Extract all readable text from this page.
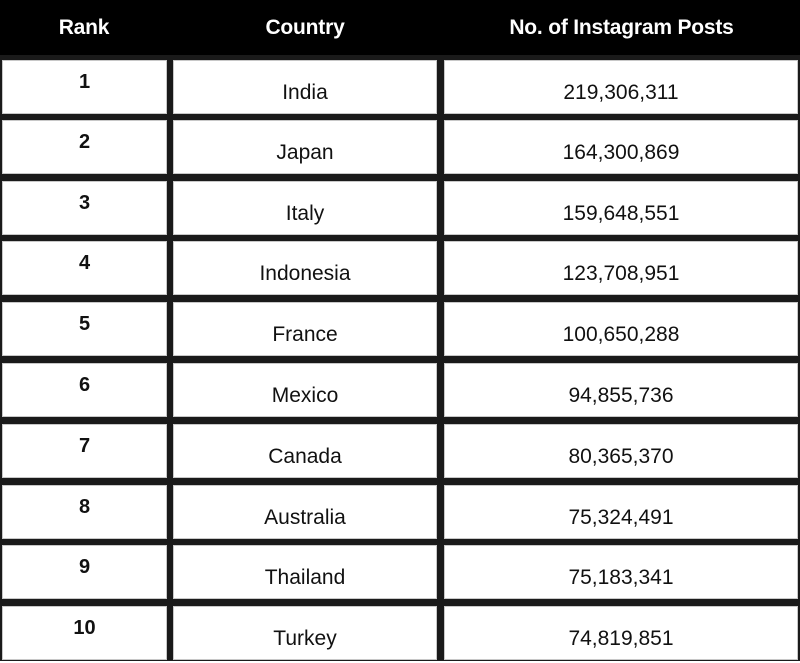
Rank	Country	No. of Instagram Posts
1	India	219,306,311
2	Japan	164,300,869
3	Italy	159,648,551
4	Indonesia	123,708,951
5	France	100,650,288
6	Mexico	94,855,736
7	Canada	80,365,370
8	Australia	75,324,491
9	Thailand	75,183,341
10	Turkey	74,819,851
